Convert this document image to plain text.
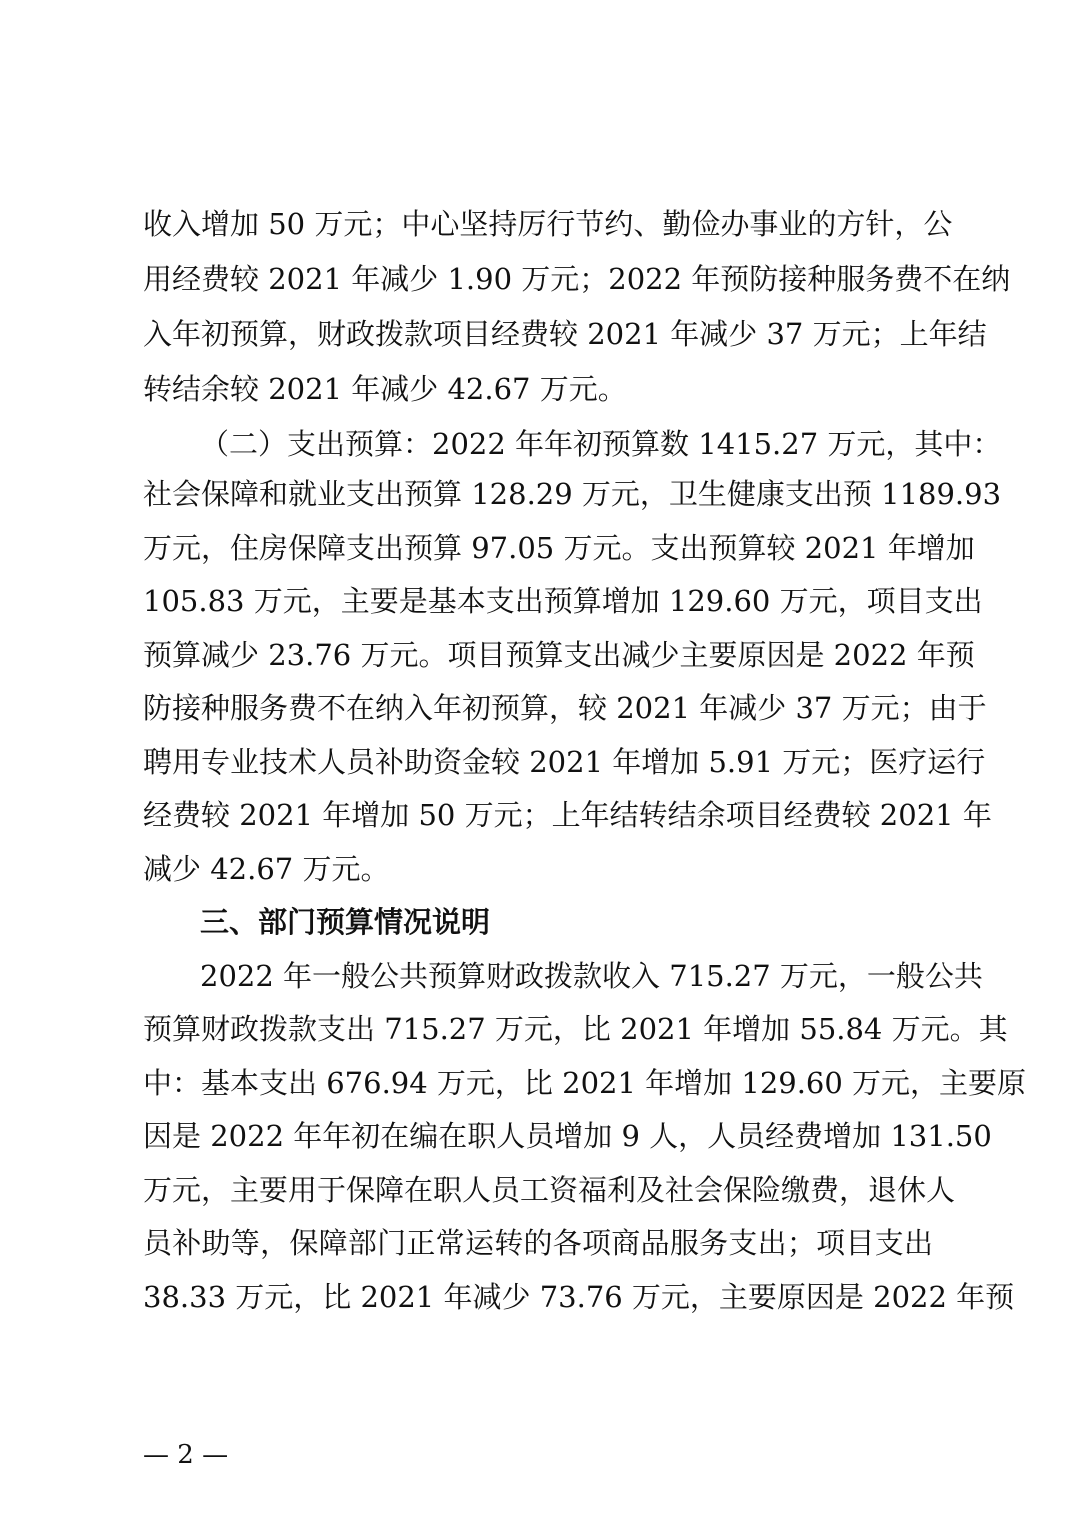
收入增加 50 万元；中心坚持厉行节约、勤俭办事业的方针，公
用经费较 2021 年减少 1.90 万元；2022 年预防接种服务费不在纳
入年初预算，财政拨款项目经费较 2021 年减少 37 万元；上年结
转结余较 2021 年减少 42.67 万元。
（二）支出预算：2022 年年初预算数 1415.27 万元，其中：
社会保障和就业支出预算 128.29 万元，卫生健康支出预 1189.93
万元，住房保障支出预算 97.05 万元。支出预算较 2021 年增加
105.83 万元，主要是基本支出预算增加 129.60 万元，项目支出
预算减少 23.76 万元。项目预算支出减少主要原因是 2022 年预
防接种服务费不在纳入年初预算，较 2021 年减少 37 万元；由于
聘用专业技术人员补助资金较 2021 年增加 5.91 万元；医疗运行
经费较 2021 年增加 50 万元；上年结转结余项目经费较 2021 年
减少 42.67 万元。
三、部门预算情况说明
2022 年一般公共预算财政拨款收入 715.27 万元，一般公共
预算财政拨款支出 715.27 万元，比 2021 年增加 55.84 万元。其
中：基本支出 676.94 万元，比 2021 年增加 129.60 万元，主要原
因是 2022 年年初在编在职人员增加 9 人，人员经费增加 131.50
万元，主要用于保障在职人员工资福利及社会保险缴费，退休人
员补助等，保障部门正常运转的各项商品服务支出；项目支出
38.33 万元，比 2021 年减少 73.76 万元，主要原因是 2022 年预
— 2 —
